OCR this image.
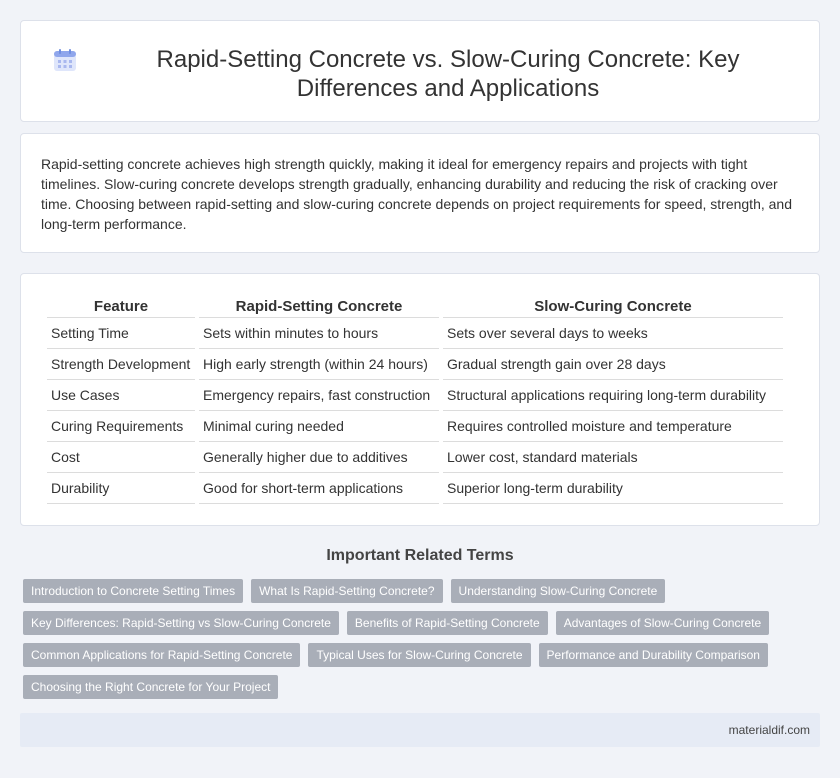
Rapid-Setting Concrete vs. Slow-Curing Concrete: Key Differences and Applications

Rapid-setting concrete achieves high strength quickly, making it ideal for emergency repairs and projects with tight timelines. Slow-curing concrete develops strength gradually, enhancing durability and reducing the risk of cracking over time. Choosing between rapid-setting and slow-curing concrete depends on project requirements for speed, strength, and long-term performance.

Feature	Rapid-Setting Concrete	Slow-Curing Concrete
Setting Time	Sets within minutes to hours	Sets over several days to weeks
Strength Development	High early strength (within 24 hours)	Gradual strength gain over 28 days
Use Cases	Emergency repairs, fast construction	Structural applications requiring long-term durability
Curing Requirements	Minimal curing needed	Requires controlled moisture and temperature
Cost	Generally higher due to additives	Lower cost, standard materials
Durability	Good for short-term applications	Superior long-term durability
Important Related Terms
Introduction to Concrete Setting Times	What Is Rapid-Setting Concrete?	Understanding Slow-Curing Concrete
Key Differences: Rapid-Setting vs Slow-Curing Concrete	Benefits of Rapid-Setting Concrete	Advantages of Slow-Curing Concrete
Common Applications for Rapid-Setting Concrete	Typical Uses for Slow-Curing Concrete	Performance and Durability Comparison
Choosing the Right Concrete for Your Project
materialdif.com
